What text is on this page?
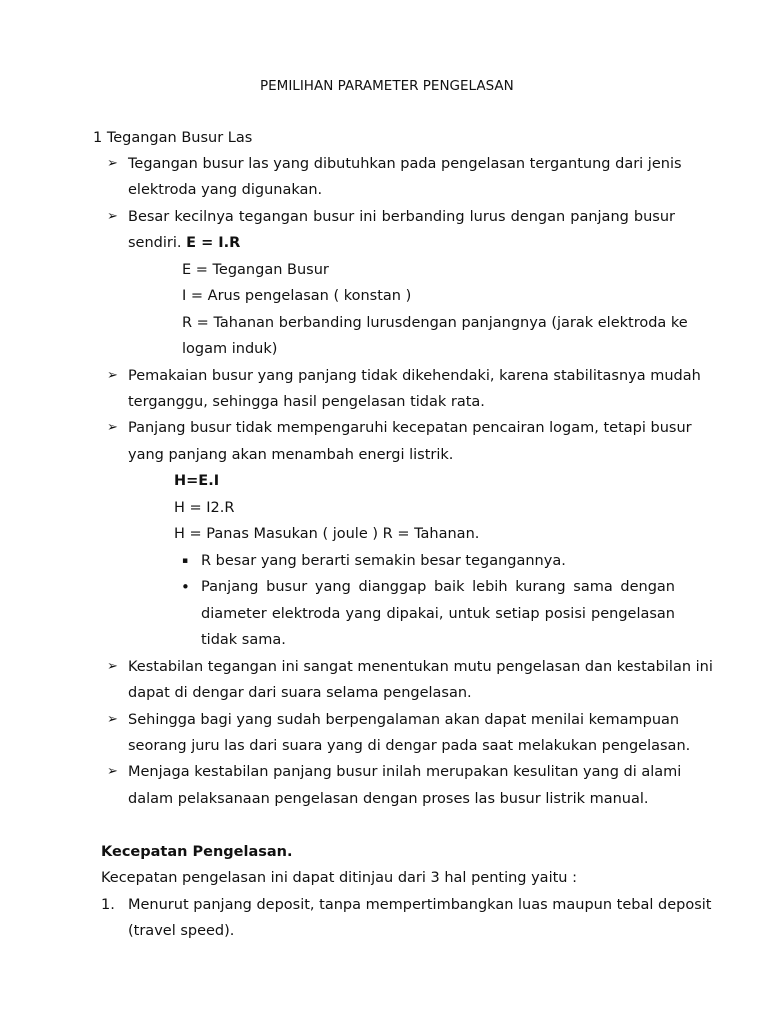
PEMILIHAN PARAMETER PENGELASAN
1 Tegangan Busur Las
➢ Tegangan busur las yang dibutuhkan pada pengelasan tergantung dari jenis
elektroda yang digunakan.
➢ Besar kecilnya tegangan busur ini berbanding lurus dengan panjang busur
sendiri. E = I.R
E = Tegangan Busur
I = Arus pengelasan ( konstan )
R = Tahanan berbanding lurusdengan panjangnya (jarak elektroda ke
logam induk)
➢ Pemakaian busur yang panjang tidak dikehendaki, karena stabilitasnya mudah
terganggu, sehingga hasil pengelasan tidak rata.
➢ Panjang busur tidak mempengaruhi kecepatan pencairan logam, tetapi busur
yang panjang akan menambah energi listrik.
H=E.I
H = I2.R
H = Panas Masukan ( joule ) R = Tahanan.
▪ R besar yang berarti semakin besar tegangannya.
• Panjang busur yang dianggap baik lebih kurang sama dengan
diameter elektroda yang dipakai, untuk setiap posisi pengelasan
tidak sama.
➢ Kestabilan tegangan ini sangat menentukan mutu pengelasan dan kestabilan ini
dapat di dengar dari suara selama pengelasan.
➢ Sehingga bagi yang sudah berpengalaman akan dapat menilai kemampuan
seorang juru las dari suara yang di dengar pada saat melakukan pengelasan.
➢ Menjaga kestabilan panjang busur inilah merupakan kesulitan yang di alami
dalam pelaksanaan pengelasan dengan proses las busur listrik manual.
Kecepatan Pengelasan.
Kecepatan pengelasan ini dapat ditinjau dari 3 hal penting yaitu :
1. Menurut panjang deposit, tanpa mempertimbangkan luas maupun tebal deposit
(travel speed).
